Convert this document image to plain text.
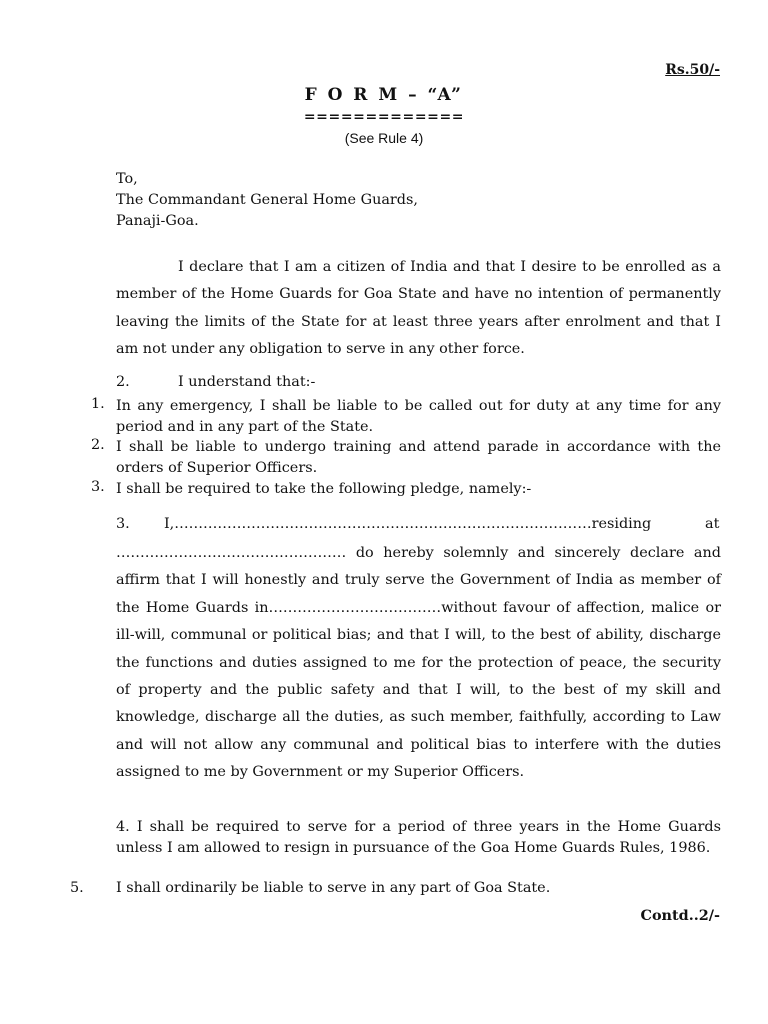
Rs.50/-
F O R M – “A”
=============
(See Rule 4)
To,
The Commandant General Home Guards,
Panaji-Goa.
I declare that I am a citizen of India and that I desire to be enrolled as a member of the Home Guards for Goa State and have no intention of permanently leaving the limits of the State for at least three years after enrolment and that I am not under any obligation to serve in any other force.
2.	I understand that:-
1. In any emergency, I shall be liable to be called out for duty at any time for any period and in any part of the State.
2. I shall be liable to undergo training and attend parade in accordance with the orders of Superior Officers.
3. I shall be required to take the following pledge, namely:-
3. I,……………………………………………………………………………residing	at
………………………………………… do hereby solemnly and sincerely declare and affirm that I will honestly and truly serve the Government of India as member of the Home Guards in………………………………without favour of affection, malice or ill-will, communal or political bias; and that I will, to the best of ability, discharge the functions and duties assigned to me for the protection of peace, the security of property and the public safety and that I will, to the best of my skill and knowledge, discharge all the duties, as such member, faithfully, according to Law and will not allow any communal and political bias to interfere with the duties assigned to me by Government or my Superior Officers.
4. I shall be required to serve for a period of three years in the Home Guards unless I am allowed to resign in pursuance of the Goa Home Guards Rules, 1986.
5. I shall ordinarily be liable to serve in any part of Goa State.
Contd..2/-
